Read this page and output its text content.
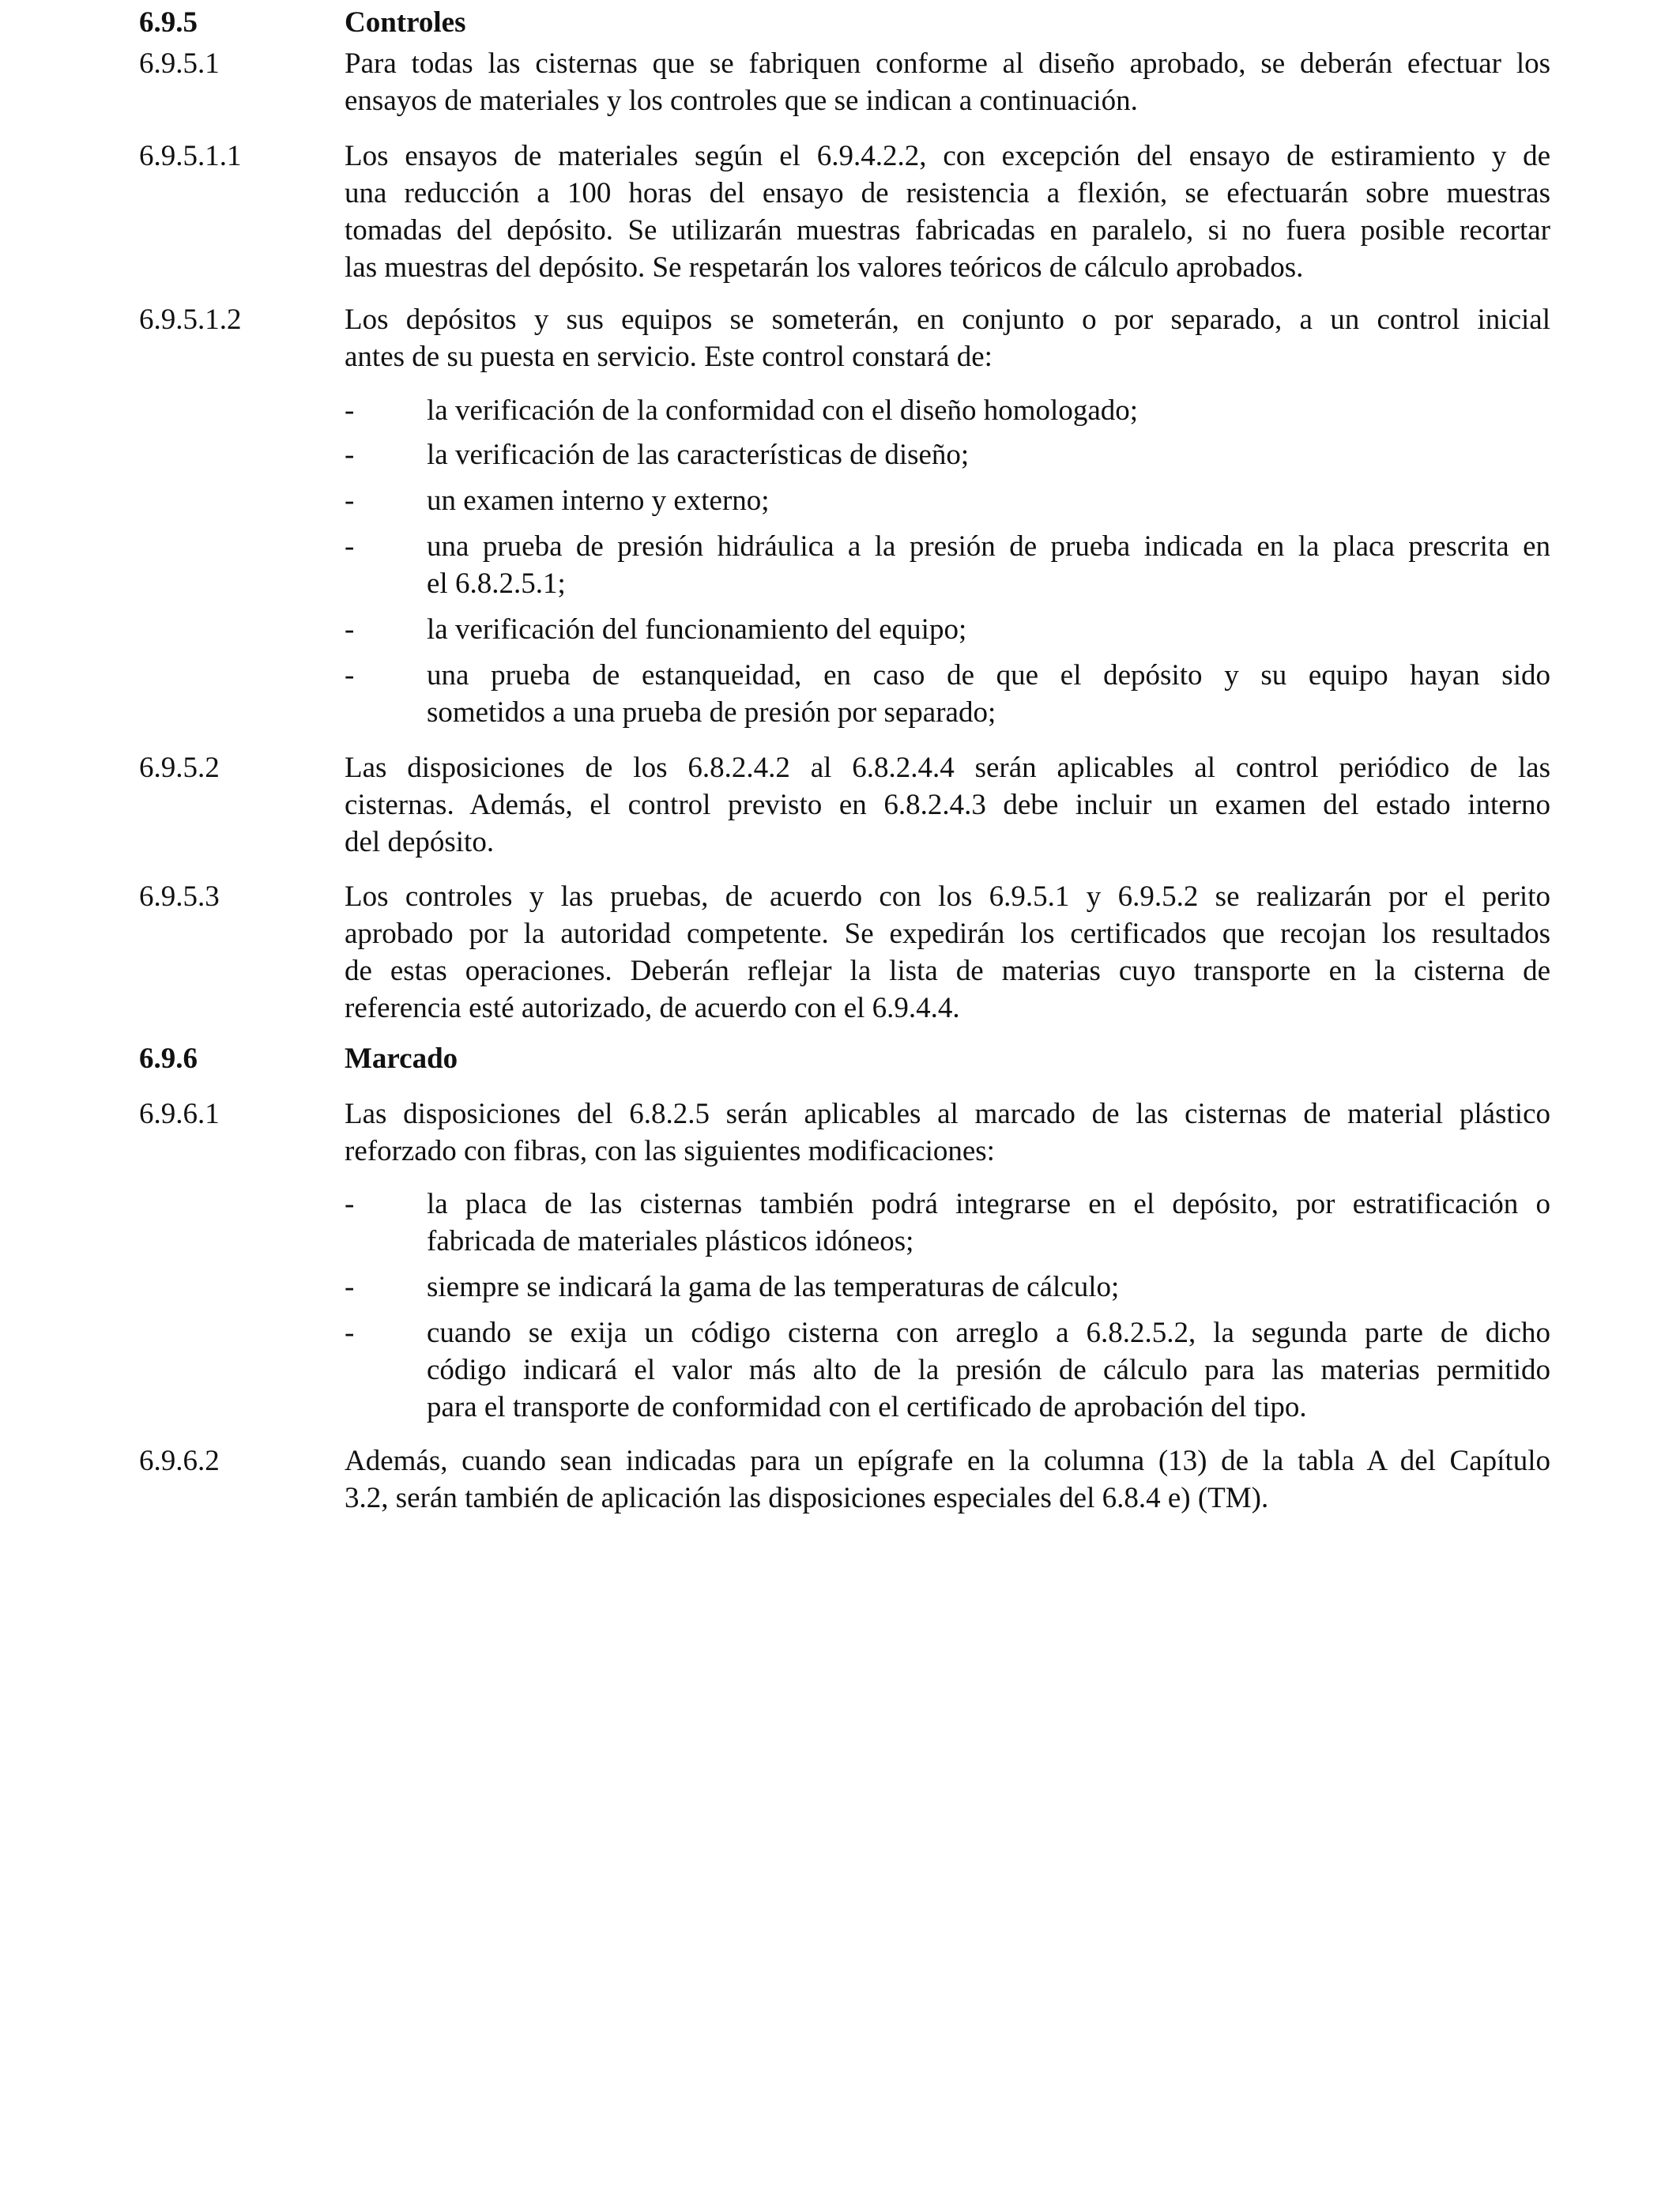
6.9.5	Controles
6.9.5.1	Para todas las cisternas que se fabriquen conforme al diseño aprobado, se deberán efectuar los
ensayos de materiales y los controles que se indican a continuación.
6.9.5.1.1	Los ensayos de materiales según el 6.9.4.2.2, con excepción del ensayo de estiramiento y de
una reducción a 100 horas del ensayo de resistencia a flexión, se efectuarán sobre muestras
tomadas del depósito. Se utilizarán muestras fabricadas en paralelo, si no fuera posible recortar
las muestras del depósito. Se respetarán los valores teóricos de cálculo aprobados.
6.9.5.1.2	Los depósitos y sus equipos se someterán, en conjunto o por separado, a un control inicial
antes de su puesta en servicio. Este control constará de:
-	la verificación de la conformidad con el diseño homologado;
-	la verificación de las características de diseño;
-	un examen interno y externo;
-	una prueba de presión hidráulica a la presión de prueba indicada en la placa prescrita en
el 6.8.2.5.1;
-	la verificación del funcionamiento del equipo;
-	una prueba de estanqueidad, en caso de que el depósito y su equipo hayan sido
sometidos a una prueba de presión por separado;
6.9.5.2	Las disposiciones de los 6.8.2.4.2 al 6.8.2.4.4 serán aplicables al control periódico de las
cisternas. Además, el control previsto en 6.8.2.4.3 debe incluir un examen del estado interno
del depósito.
6.9.5.3	Los controles y las pruebas, de acuerdo con los 6.9.5.1 y 6.9.5.2 se realizarán por el perito
aprobado por la autoridad competente. Se expedirán los certificados que recojan los resultados
de estas operaciones. Deberán reflejar la lista de materias cuyo transporte en la cisterna de
referencia esté autorizado, de acuerdo con el 6.9.4.4.
6.9.6	Marcado
6.9.6.1	Las disposiciones del 6.8.2.5 serán aplicables al marcado de las cisternas de material plástico
reforzado con fibras, con las siguientes modificaciones:
-	la placa de las cisternas también podrá integrarse en el depósito, por estratificación o
fabricada de materiales plásticos idóneos;
-	siempre se indicará la gama de las temperaturas de cálculo;
-	cuando se exija un código cisterna con arreglo a 6.8.2.5.2, la segunda parte de dicho
código indicará el valor más alto de la presión de cálculo para las materias permitido
para el transporte de conformidad con el certificado de aprobación del tipo.
6.9.6.2	Además, cuando sean indicadas para un epígrafe en la columna (13) de la tabla A del Capítulo
3.2, serán también de aplicación las disposiciones especiales del 6.8.4 e) (TM).
